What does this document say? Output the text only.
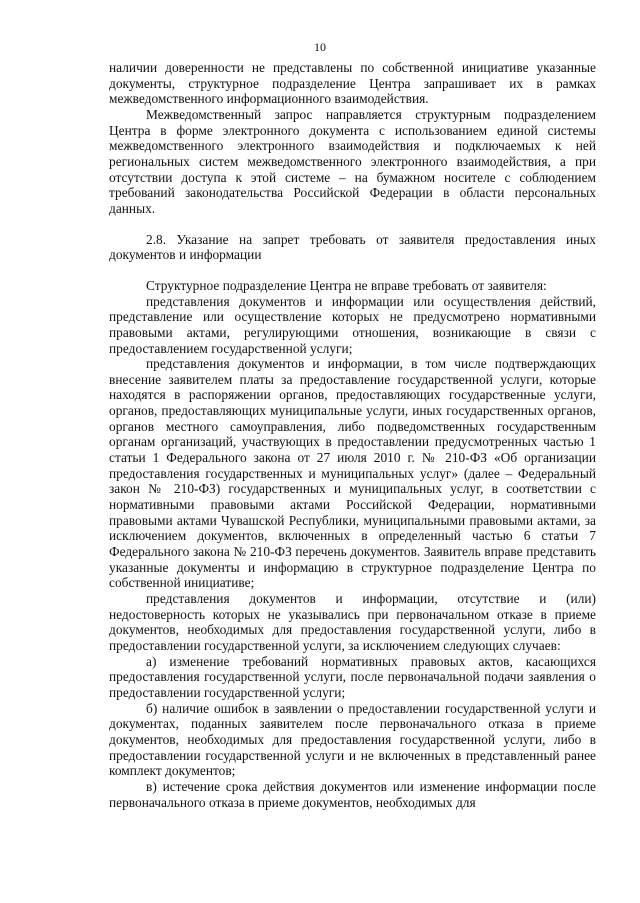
10

наличии доверенности не представлены по собственной инициативе указанные документы, структурное подразделение Центра запрашивает их в рамках межведомственного информационного взаимодействия.

Межведомственный запрос направляется структурным подразделением Центра в форме электронного документа с использованием единой системы межведомственного электронного взаимодействия и подключаемых к ней региональных систем межведомственного электронного взаимодействия, а при отсутствии доступа к этой системе – на бумажном носителе с соблюдением требований законодательства Российской Федерации в области персональных данных.

2.8. Указание на запрет требовать от заявителя предоставления иных документов и информации

Структурное подразделение Центра не вправе требовать от заявителя:

представления документов и информации или осуществления действий, представление или осуществление которых не предусмотрено нормативными правовыми актами, регулирующими отношения, возникающие в связи с предоставлением государственной услуги;

представления документов и информации, в том числе подтверждающих внесение заявителем платы за предоставление государственной услуги, которые находятся в распоряжении органов, предоставляющих государственные услуги, органов, предоставляющих муниципальные услуги, иных государственных органов, органов местного самоуправления, либо подведомственных государственным органам организаций, участвующих в предоставлении предусмотренных частью 1 статьи 1 Федерального закона от 27 июля 2010 г. № 210-ФЗ «Об организации предоставления государственных и муниципальных услуг» (далее – Федеральный закон № 210-ФЗ) государственных и муниципальных услуг, в соответствии с нормативными правовыми актами Российской Федерации, нормативными правовыми актами Чувашской Республики, муниципальными правовыми актами, за исключением документов, включенных в определенный частью 6 статьи 7 Федерального закона № 210-ФЗ перечень документов. Заявитель вправе представить указанные документы и информацию в структурное подразделение Центра по собственной инициативе;

представления документов и информации, отсутствие и (или) недостоверность которых не указывались при первоначальном отказе в приеме документов, необходимых для предоставления государственной услуги, либо в предоставлении государственной услуги, за исключением следующих случаев:

а) изменение требований нормативных правовых актов, касающихся предоставления государственной услуги, после первоначальной подачи заявления о предоставлении государственной услуги;

б) наличие ошибок в заявлении о предоставлении государственной услуги и документах, поданных заявителем после первоначального отказа в приеме документов, необходимых для предоставления государственной услуги, либо в предоставлении государственной услуги и не включенных в представленный ранее комплект документов;

в) истечение срока действия документов или изменение информации после первоначального отказа в приеме документов, необходимых для
